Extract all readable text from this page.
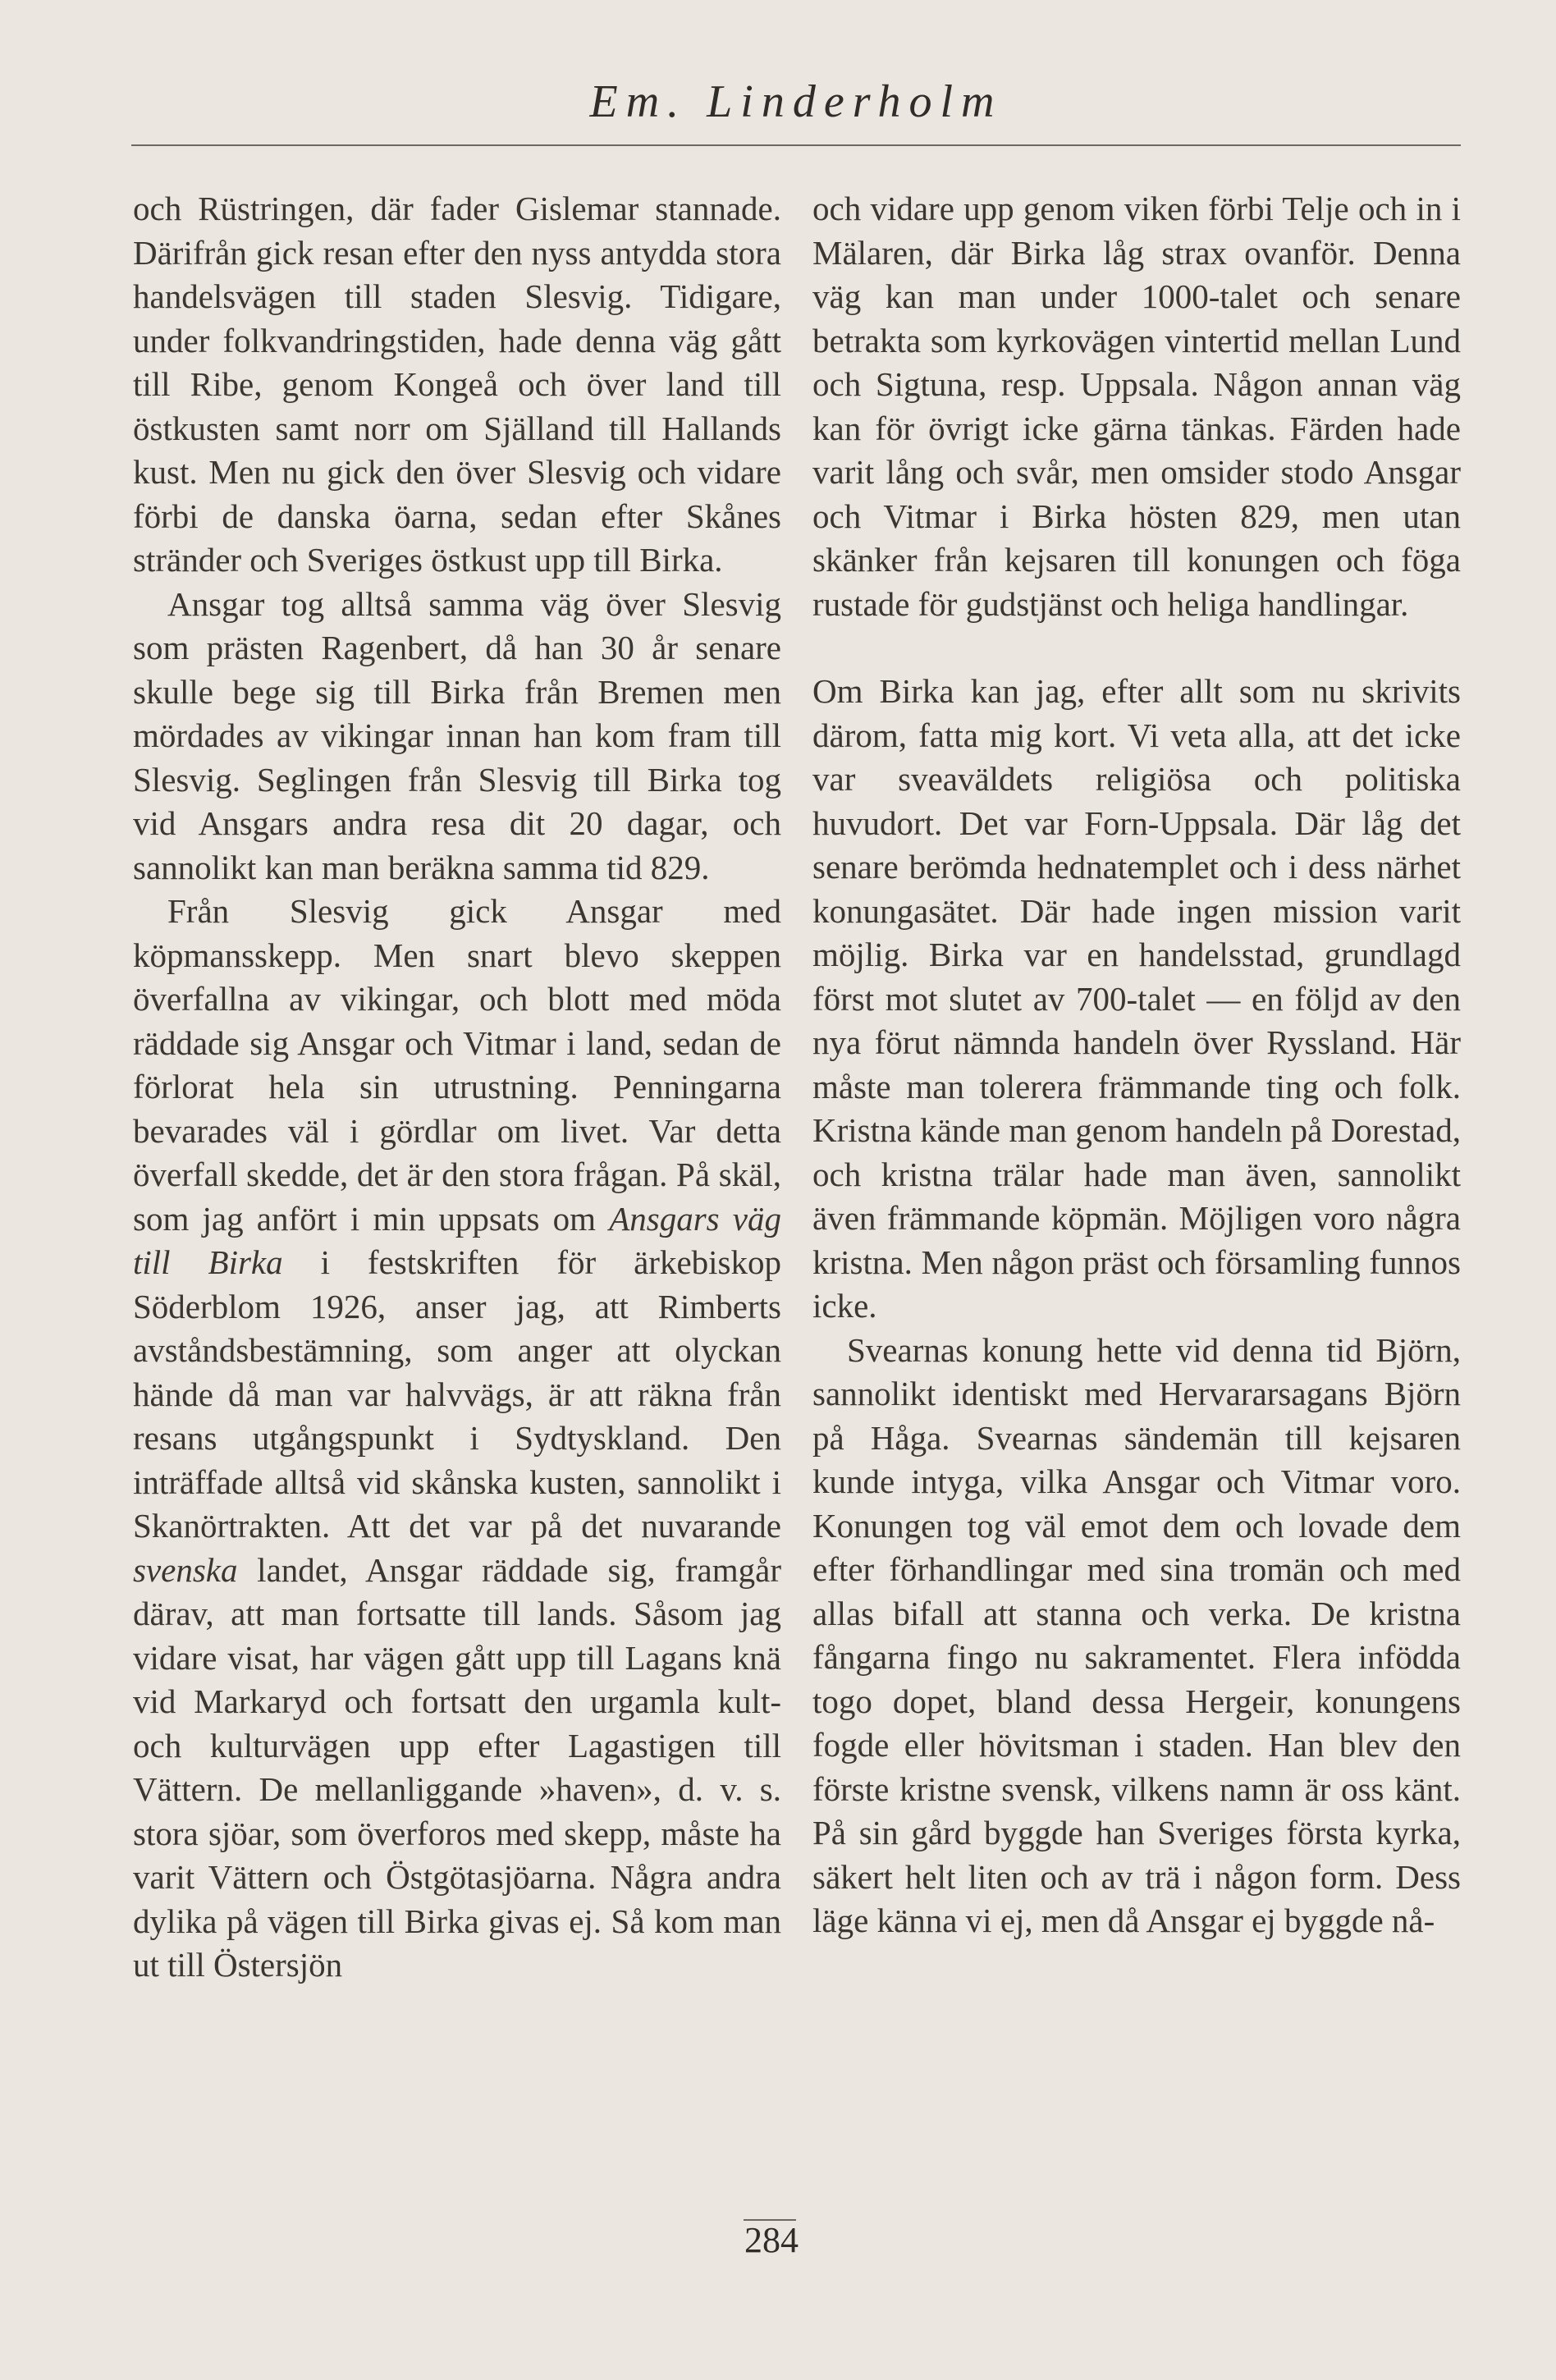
Em. Linderholm

och Rüstringen, där fader Gislemar stannade. Därifrån gick resan efter den nyss antydda stora handelsvägen till staden Slesvig. Tidigare, under folkvandringstiden, hade denna väg gått till Ribe, genom Kongeå och över land till östkusten samt norr om Själland till Hallands kust. Men nu gick den över Slesvig och vidare förbi de danska öarna, sedan efter Skånes stränder och Sveriges östkust upp till Birka.

Ansgar tog alltså samma väg över Slesvig som prästen Ragenbert, då han 30 år senare skulle bege sig till Birka från Bremen men mördades av vikingar innan han kom fram till Slesvig. Seglingen från Slesvig till Birka tog vid Ansgars andra resa dit 20 dagar, och sannolikt kan man beräkna samma tid 829.

Från Slesvig gick Ansgar med köpmansskepp. Men snart blevo skeppen överfallna av vikingar, och blott med möda räddade sig Ansgar och Vitmar i land, sedan de förlorat hela sin utrustning. Penningarna bevarades väl i gördlar om livet. Var detta överfall skedde, det är den stora frågan. På skäl, som jag anfört i min uppsats om Ansgars väg till Birka i festskriften för ärkebiskop Söderblom 1926, anser jag, att Rimberts avståndsbestämning, som anger att olyckan hände då man var halvvägs, är att räkna från resans utgångspunkt i Sydtyskland. Den inträffade alltså vid skånska kusten, sannolikt i Skanörtrakten. Att det var på det nuvarande svenska landet, Ansgar räddade sig, framgår därav, att man fortsatte till lands. Såsom jag vidare visat, har vägen gått upp till Lagans knä vid Markaryd och fortsatt den urgamla kult- och kulturvägen upp efter Lagastigen till Vättern. De mellanliggande »haven», d. v. s. stora sjöar, som överforos med skepp, måste ha varit Vättern och Östgötasjöarna. Några andra dylika på vägen till Birka givas ej. Så kom man ut till Östersjön

och vidare upp genom viken förbi Telje och in i Mälaren, där Birka låg strax ovanför. Denna väg kan man under 1000-talet och senare betrakta som kyrkovägen vintertid mellan Lund och Sigtuna, resp. Uppsala. Någon annan väg kan för övrigt icke gärna tänkas. Färden hade varit lång och svår, men omsider stodo Ansgar och Vitmar i Birka hösten 829, men utan skänker från kejsaren till konungen och föga rustade för gudstjänst och heliga handlingar.

Om Birka kan jag, efter allt som nu skrivits därom, fatta mig kort. Vi veta alla, att det icke var sveaväldets religiösa och politiska huvudort. Det var Forn-Uppsala. Där låg det senare berömda hednatemplet och i dess närhet konungasätet. Där hade ingen mission varit möjlig. Birka var en handelsstad, grundlagd först mot slutet av 700-talet — en följd av den nya förut nämnda handeln över Ryssland. Här måste man tolerera främmande ting och folk. Kristna kände man genom handeln på Dorestad, och kristna trälar hade man även, sannolikt även främmande köpmän. Möjligen voro några kristna. Men någon präst och församling funnos icke.

Svearnas konung hette vid denna tid Björn, sannolikt identiskt med Hervararsagans Björn på Håga. Svearnas sändemän till kejsaren kunde intyga, vilka Ansgar och Vitmar voro. Konungen tog väl emot dem och lovade dem efter förhandlingar med sina tromän och med allas bifall att stanna och verka. De kristna fångarna fingo nu sakramentet. Flera infödda togo dopet, bland dessa Hergeir, konungens fogde eller hövitsman i staden. Han blev den förste kristne svensk, vilkens namn är oss känt. På sin gård byggde han Sveriges första kyrka, säkert helt liten och av trä i någon form. Dess läge känna vi ej, men då Ansgar ej byggde nå-

284
